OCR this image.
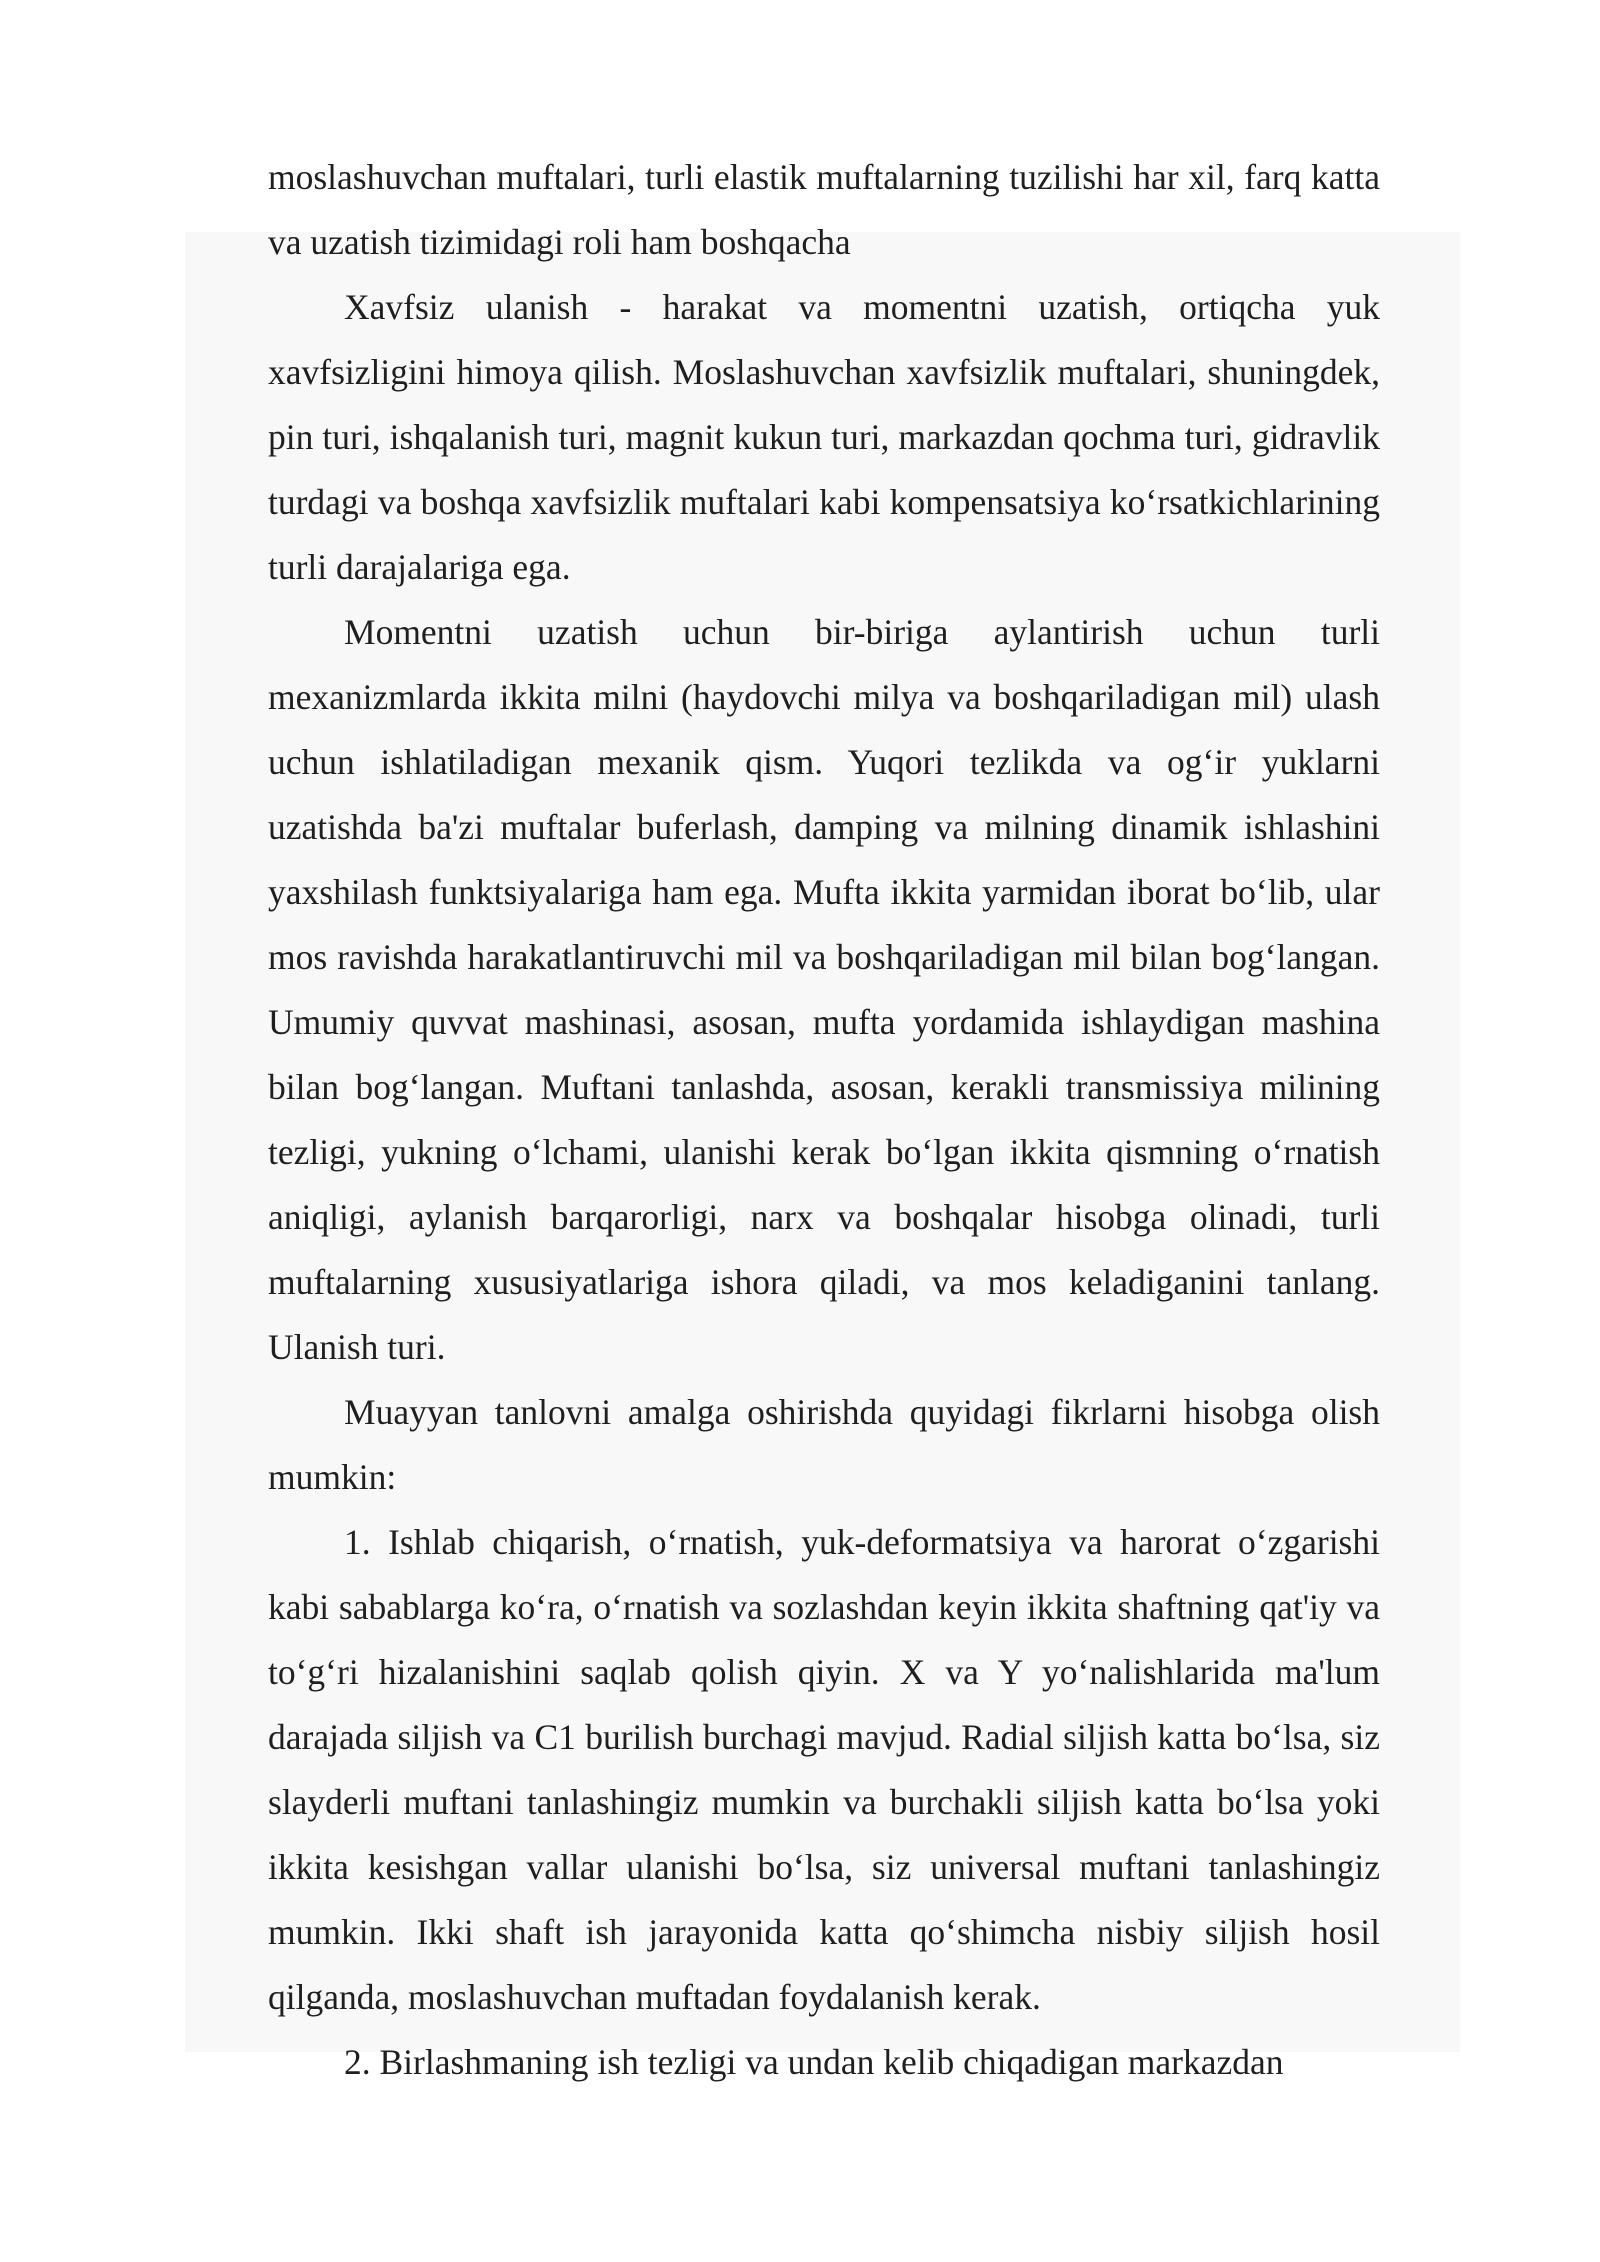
moslashuvchan muftalari, turli elastik muftalarning tuzilishi har xil, farq katta va uzatish tizimidagi roli ham boshqacha

Xavfsiz ulanish - harakat va momentni uzatish, ortiqcha yuk xavfsizligini himoya qilish. Moslashuvchan xavfsizlik muftalari, shuningdek, pin turi, ishqalanish turi, magnit kukun turi, markazdan qochma turi, gidravlik turdagi va boshqa xavfsizlik muftalari kabi kompensatsiya koʻrsatkichlarining turli darajalariga ega.

Momentni uzatish uchun bir-biriga aylantirish uchun turli mexanizmlarda ikkita milni (haydovchi milya va boshqariladigan mil) ulash uchun ishlatiladigan mexanik qism. Yuqori tezlikda va ogʻir yuklarni uzatishda ba'zi muftalar buferlash, damping va milning dinamik ishlashini yaxshilash funktsiyalariga ham ega. Mufta ikkita yarmidan iborat boʻlib, ular mos ravishda harakatlantiruvchi mil va boshqariladigan mil bilan bogʻlangan. Umumiy quvvat mashinasi, asosan, mufta yordamida ishlaydigan mashina bilan bogʻlangan. Muftani tanlashda, asosan, kerakli transmissiya milining tezligi, yukning oʻlchami, ulanishi kerak boʻlgan ikkita qismning oʻrnatish aniqligi, aylanish barqarorligi, narx va boshqalar hisobga olinadi, turli muftalarning xususiyatlariga ishora qiladi, va mos keladiganini tanlang. Ulanish turi.

Muayyan tanlovni amalga oshirishda quyidagi fikrlarni hisobga olish mumkin:

1. Ishlab chiqarish, oʻrnatish, yuk-deformatsiya va harorat oʻzgarishi kabi sabablarga koʻra, oʻrnatish va sozlashdan keyin ikkita shaftning qat'iy va toʻgʻri hizalanishini saqlab qolish qiyin. X va Y yoʻnalishlarida ma'lum darajada siljish va C1 burilish burchagi mavjud. Radial siljish katta boʻlsa, siz slayderli muftani tanlashingiz mumkin va burchakli siljish katta boʻlsa yoki ikkita kesishgan vallar ulanishi boʻlsa, siz universal muftani tanlashingiz mumkin. Ikki shaft ish jarayonida katta qoʻshimcha nisbiy siljish hosil qilganda, moslashuvchan muftadan foydalanish kerak.

2. Birlashmaning ish tezligi va undan kelib chiqadigan markazdan
